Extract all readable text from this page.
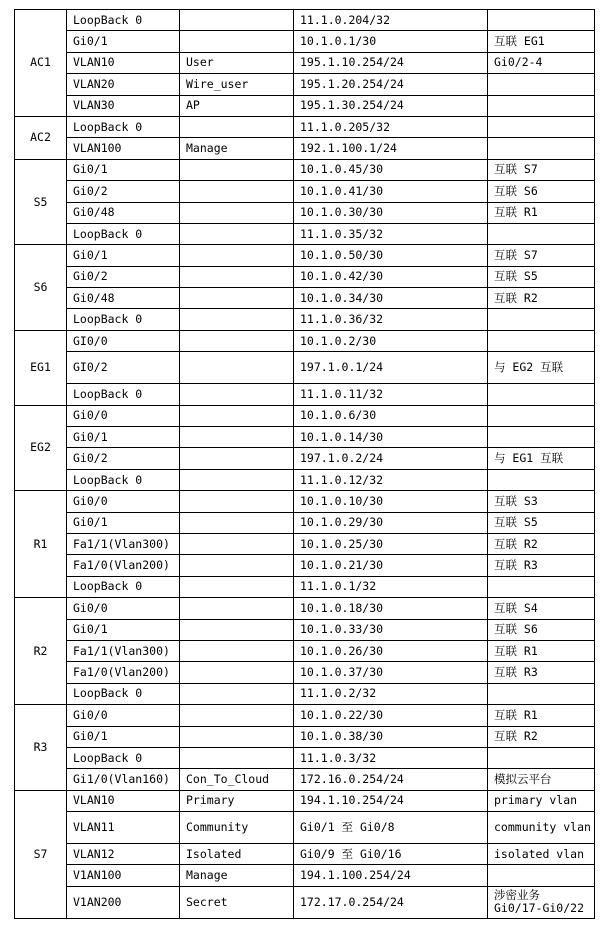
AC1	LoopBack 0		11.1.0.204/32	
	Gi0/1		10.1.0.1/30	互联 EG1
	VLAN10	User	195.1.10.254/24	Gi0/2-4
	VLAN20	Wire_user	195.1.20.254/24	
	VLAN30	AP	195.1.30.254/24	
AC2	LoopBack 0		11.1.0.205/32	
	VLAN100	Manage	192.1.100.1/24	
S5	Gi0/1		10.1.0.45/30	互联 S7
	Gi0/2		10.1.0.41/30	互联 S6
	Gi0/48		10.1.0.30/30	互联 R1
	LoopBack 0		11.1.0.35/32	
S6	Gi0/1		10.1.0.50/30	互联 S7
	Gi0/2		10.1.0.42/30	互联 S5
	Gi0/48		10.1.0.34/30	互联 R2
	LoopBack 0		11.1.0.36/32	
EG1	GI0/0		10.1.0.2/30	
	GI0/2		197.1.0.1/24	与 EG2 互联
	LoopBack 0		11.1.0.11/32	
EG2	Gi0/0		10.1.0.6/30	
	Gi0/1		10.1.0.14/30	
	Gi0/2		197.1.0.2/24	与 EG1 互联
	LoopBack 0		11.1.0.12/32	
R1	Gi0/0		10.1.0.10/30	互联 S3
	Gi0/1		10.1.0.29/30	互联 S5
	Fa1/1(Vlan300)		10.1.0.25/30	互联 R2
	Fa1/0(Vlan200)		10.1.0.21/30	互联 R3
	LoopBack 0		11.1.0.1/32	
R2	Gi0/0		10.1.0.18/30	互联 S4
	Gi0/1		10.1.0.33/30	互联 S6
	Fa1/1(Vlan300)		10.1.0.26/30	互联 R1
	Fa1/0(Vlan200)		10.1.0.37/30	互联 R3
	LoopBack 0		11.1.0.2/32	
R3	Gi0/0		10.1.0.22/30	互联 R1
	Gi0/1		10.1.0.38/30	互联 R2
	LoopBack 0		11.1.0.3/32	
	Gi1/0(Vlan160)	Con_To_Cloud	172.16.0.254/24	模拟云平台
S7	VLAN10	Primary	194.1.10.254/24	primary vlan
	VLAN11	Community	Gi0/1 至 Gi0/8	community vlan
	VLAN12	Isolated	Gi0/9 至 Gi0/16	isolated vlan
	V1AN100	Manage	194.1.100.254/24	
	V1AN200	Secret	172.17.0.254/24	涉密业务 Gi0/17-Gi0/22
